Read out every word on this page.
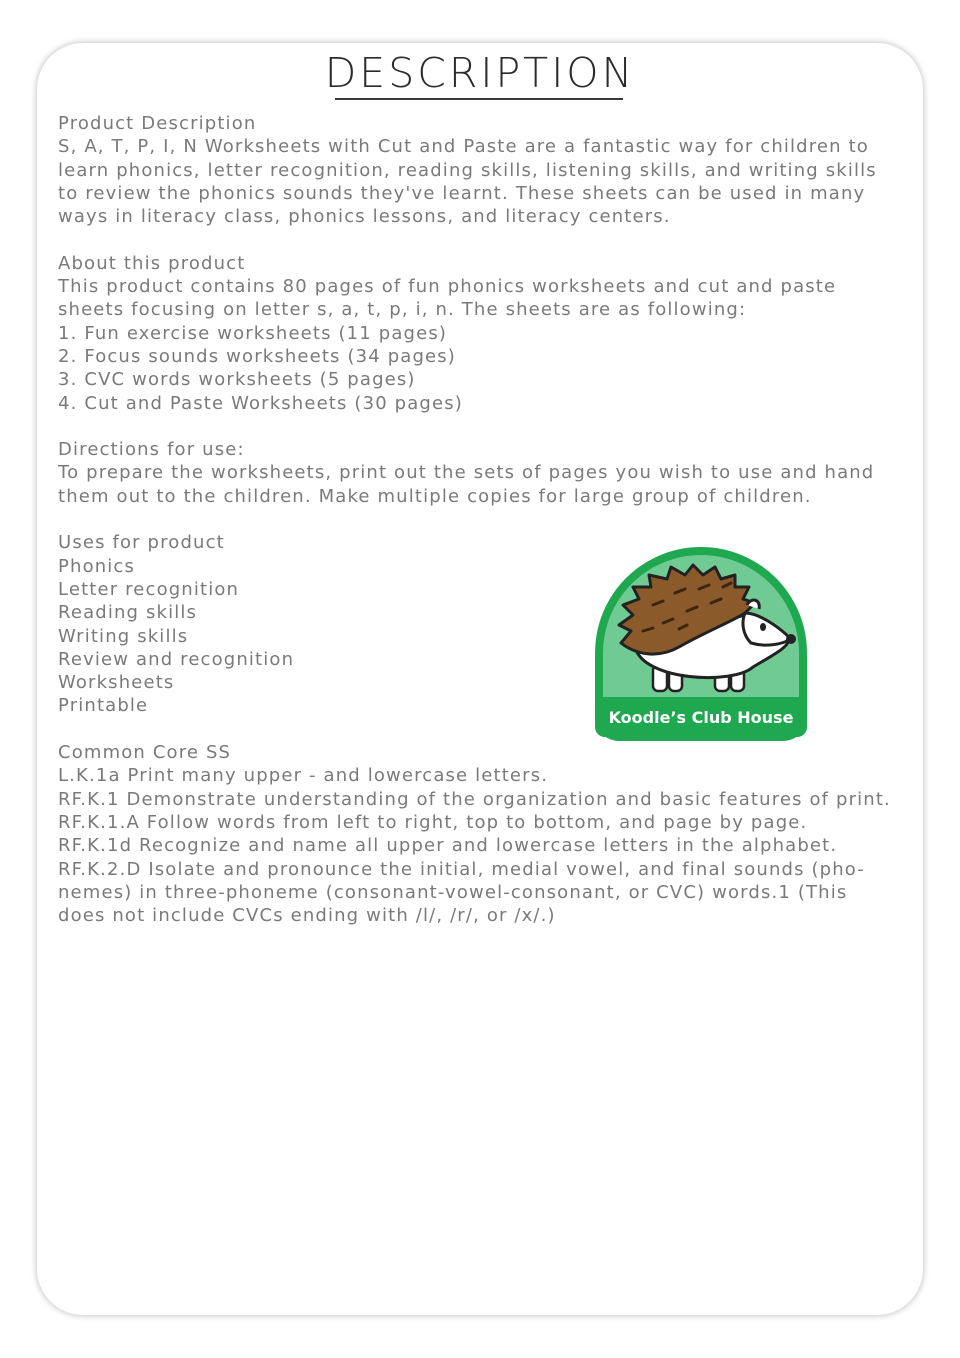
DESCRIPTION
Product Description
S, A, T, P, I, N Worksheets with Cut and Paste are a fantastic way for children to
learn phonics, letter recognition, reading skills, listening skills, and writing skills
to review the phonics sounds they've learnt. These sheets can be used in many
ways in literacy class, phonics lessons, and literacy centers.
About this product
This product contains 80 pages of fun phonics worksheets and cut and paste
sheets focusing on letter s, a, t, p, i, n. The sheets are as following:
1. Fun exercise worksheets (11 pages)
2. Focus sounds worksheets (34 pages)
3. CVC words worksheets (5 pages)
4. Cut and Paste Worksheets (30 pages)
Directions for use:
To prepare the worksheets, print out the sets of pages you wish to use and hand
them out to the children. Make multiple copies for large group of children.
Uses for product
Phonics
Letter recognition
Reading skills
Writing skills
Review and recognition
Worksheets
Printable
Common Core SS
L.K.1a Print many upper - and lowercase letters.
RF.K.1 Demonstrate understanding of the organization and basic features of print.
RF.K.1.A Follow words from left to right, top to bottom, and page by page.
RF.K.1d Recognize and name all upper and lowercase letters in the alphabet.
RF.K.2.D Isolate and pronounce the initial, medial vowel, and final sounds (pho-
nemes) in three-phoneme (consonant-vowel-consonant, or CVC) words.1 (This
does not include CVCs ending with /l/, /r/, or /x/.)
Koodle’s Club House
